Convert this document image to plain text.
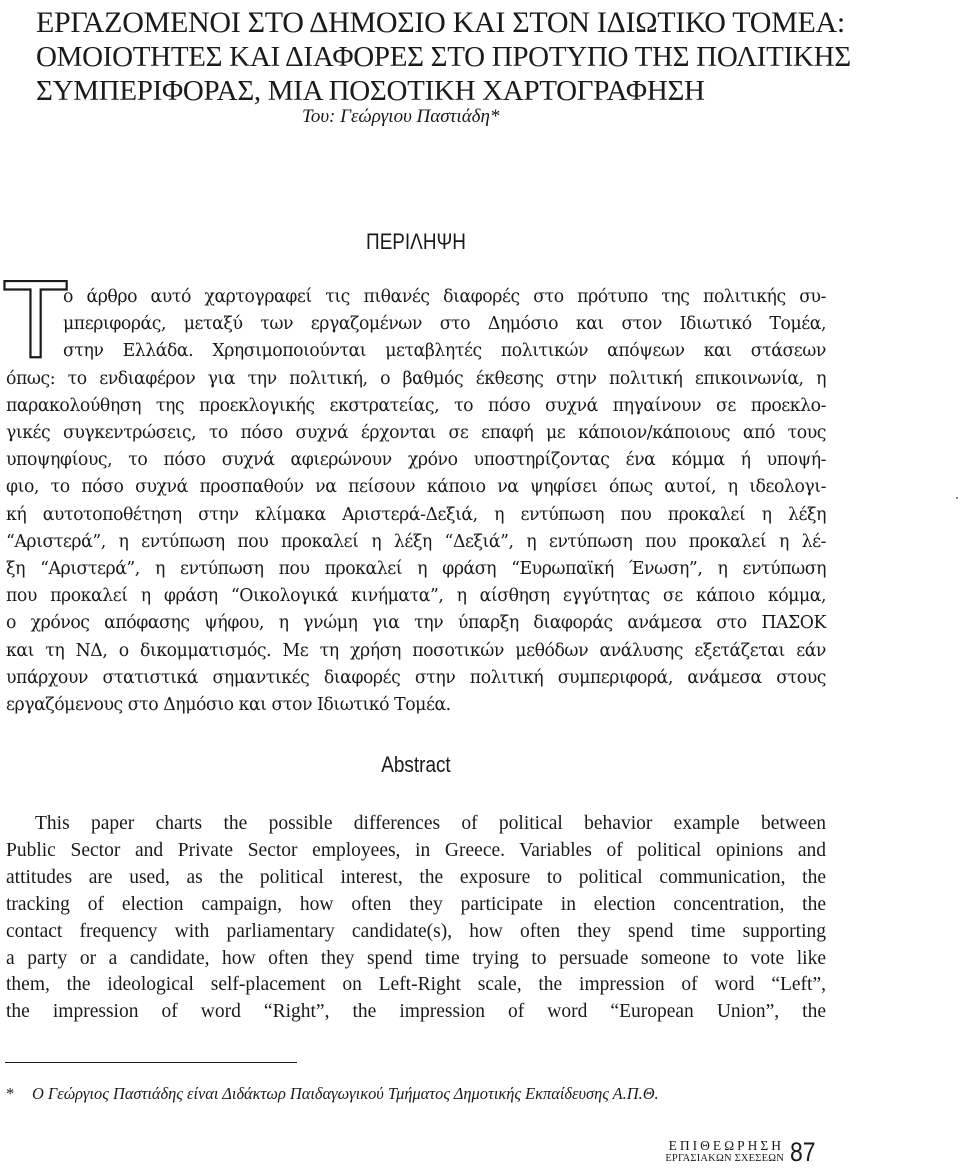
ΕΡΓΑΖΟΜΕΝΟΙ ΣΤΟ ΔΗΜΟΣΙΟ ΚΑΙ ΣΤΟΝ ΙΔΙΩΤΙΚΟ ΤΟΜΕΑ:
ΟΜΟΙΟΤΗΤΕΣ ΚΑΙ ΔΙΑΦΟΡΕΣ ΣΤΟ ΠΡΟΤΥΠΟ ΤΗΣ ΠΟΛΙΤΙΚΗΣ
ΣΥΜΠΕΡΙΦΟΡΑΣ, ΜΙΑ ΠΟΣΟΤΙΚΗ ΧΑΡΤΟΓΡΑΦΗΣΗ
Του: Γεώργιου Παστιάδη*
ΠΕΡΙΛΗΨΗ
Τ
ο άρθρο αυτό χαρτογραφεί τις πιθανές διαφορές στο πρότυπο της πολιτικής συ-
μπεριφοράς, μεταξύ των εργαζομένων στο Δημόσιο και στον Ιδιωτικό Τομέα,
στην Ελλάδα. Χρησιμοποιούνται μεταβλητές πολιτικών απόψεων και στάσεων
όπως: το ενδιαφέρον για την πολιτική, ο βαθμός έκθεσης στην πολιτική επικοινωνία, η
παρακολούθηση της προεκλογικής εκστρατείας, το πόσο συχνά πηγαίνουν σε προεκλο-
γικές συγκεντρώσεις, το πόσο συχνά έρχονται σε επαφή με κάποιον/κάποιους από τους
υποψηφίους, το πόσο συχνά αφιερώνουν χρόνο υποστηρίζοντας ένα κόμμα ή υποψή-
φιο, το πόσο συχνά προσπαθούν να πείσουν κάποιο να ψηφίσει όπως αυτοί, η ιδεολογι-
κή αυτοτοποθέτηση στην κλίμακα Αριστερά-Δεξιά, η εντύπωση που προκαλεί η λέξη
“Αριστερά”, η εντύπωση που προκαλεί η λέξη “Δεξιά”, η εντύπωση που προκαλεί η λέ-
ξη “Αριστερά”, η εντύπωση που προκαλεί η φράση “Ευρωπαϊκή Ένωση”, η εντύπωση
που προκαλεί η φράση “Οικολογικά κινήματα”, η αίσθηση εγγύτητας σε κάποιο κόμμα,
ο χρόνος απόφασης ψήφου, η γνώμη για την ύπαρξη διαφοράς ανάμεσα στο ΠΑΣΟΚ
και τη ΝΔ, ο δικομματισμός. Με τη χρήση ποσοτικών μεθόδων ανάλυσης εξετάζεται εάν
υπάρχουν στατιστικά σημαντικές διαφορές στην πολιτική συμπεριφορά, ανάμεσα στους
εργαζόμενους στο Δημόσιο και στον Ιδιωτικό Τομέα.
Abstract
This paper charts the possible differences of political behavior example between
Public Sector and Private Sector employees, in Greece. Variables of political opinions and
attitudes are used, as the political interest, the exposure to political communication, the
tracking of election campaign, how often they participate in election concentration, the
contact frequency with parliamentary candidate(s), how often they spend time supporting
a party or a candidate, how often they spend time trying to persuade someone to vote like
them, the ideological self-placement on Left-Right scale, the impression of word “Left”,
the impression of word “Right”, the impression of word “European Union”, the
* Ο Γεώργιος Παστιάδης είναι Διδάκτωρ Παιδαγωγικού Τμήματος Δημοτικής Εκπαίδευσης Α.Π.Θ.
ΕΠΙΘΕΩΡΗΣΗ
ΕΡΓΑΣΙΑΚΩΝ ΣΧΕΣΕΩΝ 87
